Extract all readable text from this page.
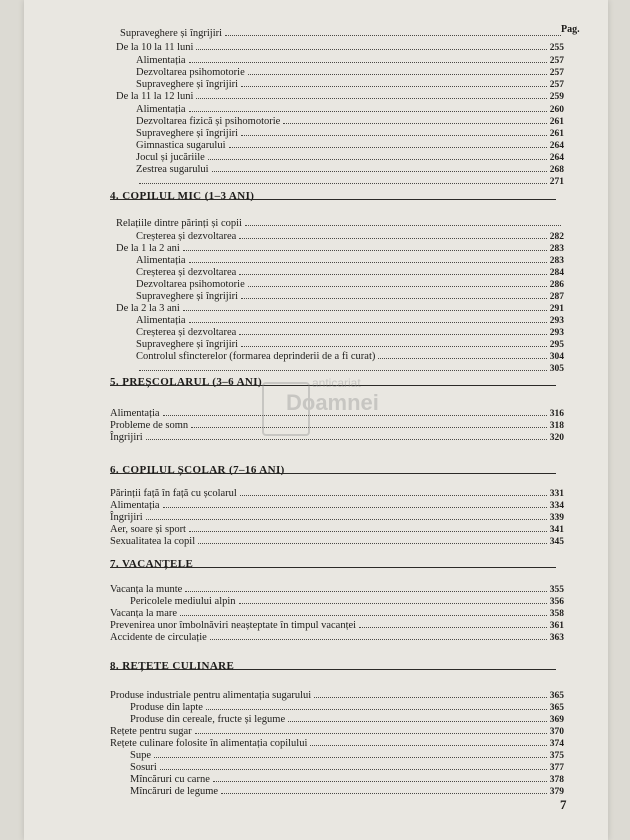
Pag.
Supraveghere și îngrijiri
De la 10 la 11 luni	255
Alimentația	257
Dezvoltarea psihomotorie	257
Supraveghere și îngrijiri	257
De la 11 la 12 luni	259
Alimentația	260
Dezvoltarea fizică și psihomotorie	261
Supraveghere și îngrijiri	261
Gimnastica sugarului	264
Jocul și jucăriile	264
Zestrea sugarului	268
271
Relațiile dintre părinți și copii
Creșterea și dezvoltarea	282
De la 1 la 2 ani	283
Alimentația	283
Creșterea și dezvoltarea	284
Dezvoltarea psihomotorie	286
Supraveghere și îngrijiri	287
De la 2 la 3 ani	291
Alimentația	293
Creșterea și dezvoltarea	293
Supraveghere și îngrijiri	295
Controlul sfincterelor (formarea deprinderii de a fi curat)	304
305
Alimentația	316
Probleme de somn	318
Îngrijiri	320
Părinții față în față cu școlarul	331
Alimentația	334
Îngrijiri	339
Aer, soare și sport	341
Sexualitatea la copil	345
Vacanța la munte	355
Pericolele mediului alpin	356
Vacanța la mare	358
Prevenirea unor îmbolnăviri neașteptate în timpul vacanței	361
Accidente de circulație	363
Produse industriale pentru alimentația sugarului	365
Produse din lapte	365
Produse din cereale, fructe și legume	369
Rețete pentru sugar	370
Rețete culinare folosite în alimentația copilului	374
Supe	375
Sosuri	377
Mîncăruri cu carne	378
Mîncăruri de legume	379
4. COPILUL MIC (1–3 ANI)
5. PREȘCOLARUL (3–6 ANI)
6. COPILUL ȘCOLAR (7–16 ANI)
7. VACANȚELE
8. REȚETE CULINARE
anticariat
Doamnei
7
